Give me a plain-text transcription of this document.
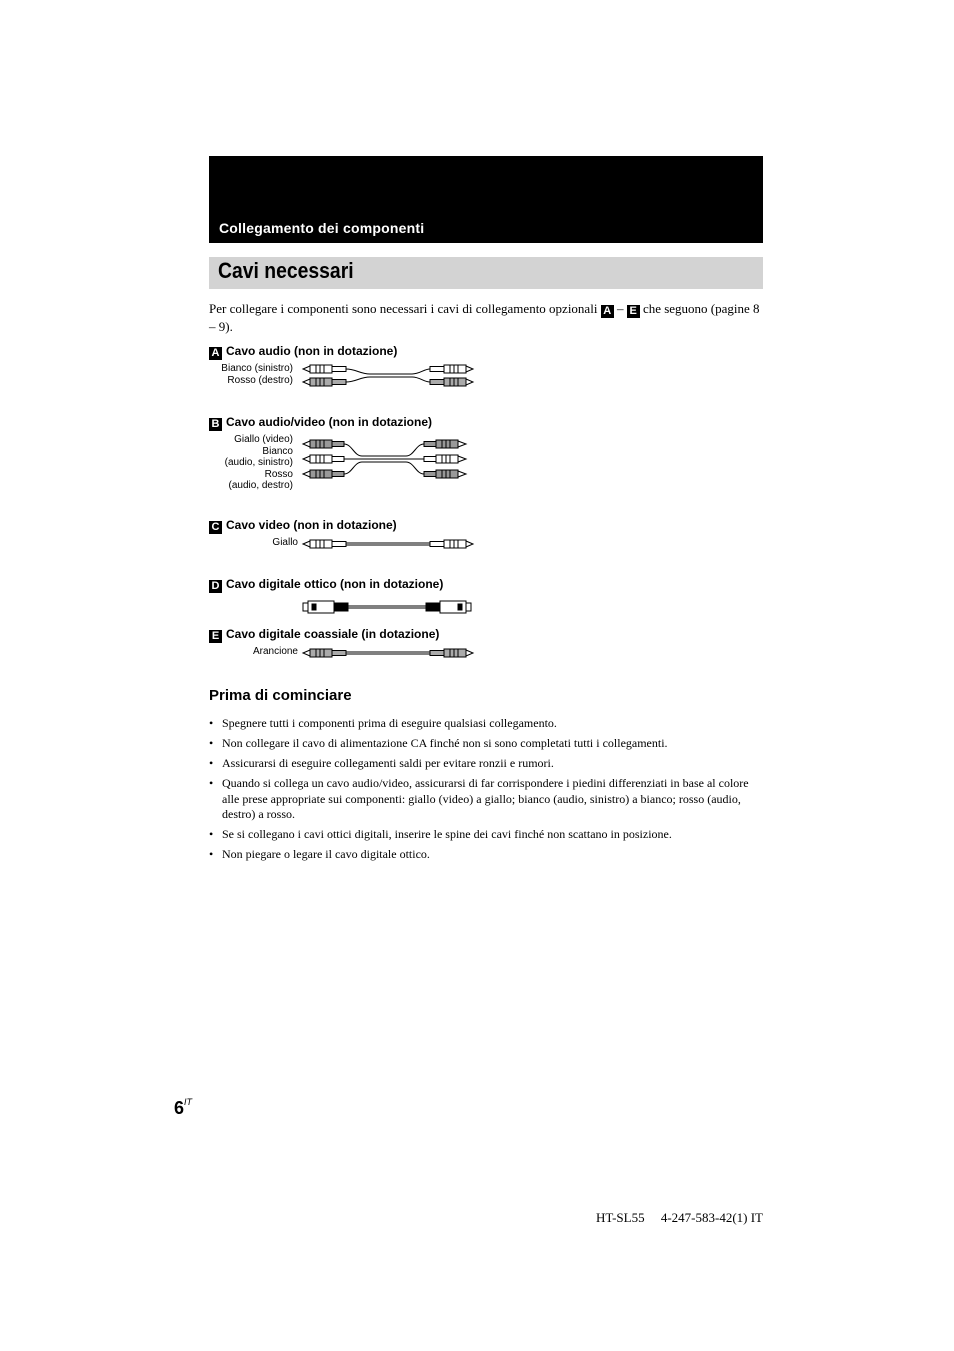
Collegamento dei componenti
Cavi necessari
Per collegare i componenti sono necessari i cavi di collegamento opzionali A – E che seguono (pagine 8 – 9).
A Cavo audio (non in dotazione)
Bianco (sinistro)
Rosso (destro)
B Cavo audio/video (non in dotazione)
Giallo (video)
Bianco
(audio, sinistro)
Rosso
(audio, destro)
C Cavo video (non in dotazione)
Giallo
D Cavo digitale ottico (non in dotazione)
E Cavo digitale coassiale (in dotazione)
Arancione
Prima di cominciare
• Spegnere tutti i componenti prima di eseguire qualsiasi collegamento.
• Non collegare il cavo di alimentazione CA finché non si sono completati tutti i collegamenti.
• Assicurarsi di eseguire collegamenti saldi per evitare ronzii e rumori.
• Quando si collega un cavo audio/video, assicurarsi di far corrispondere i piedini differenziati in base al colore alle prese appropriate sui componenti: giallo (video) a giallo; bianco (audio, sinistro) a bianco; rosso (audio, destro) a rosso.
• Se si collegano i cavi ottici digitali, inserire le spine dei cavi finché non scattano in posizione.
• Non piegare o legare il cavo digitale ottico.
$6^{IT}$
HT-SL55 4-247-583-42(1) IT
